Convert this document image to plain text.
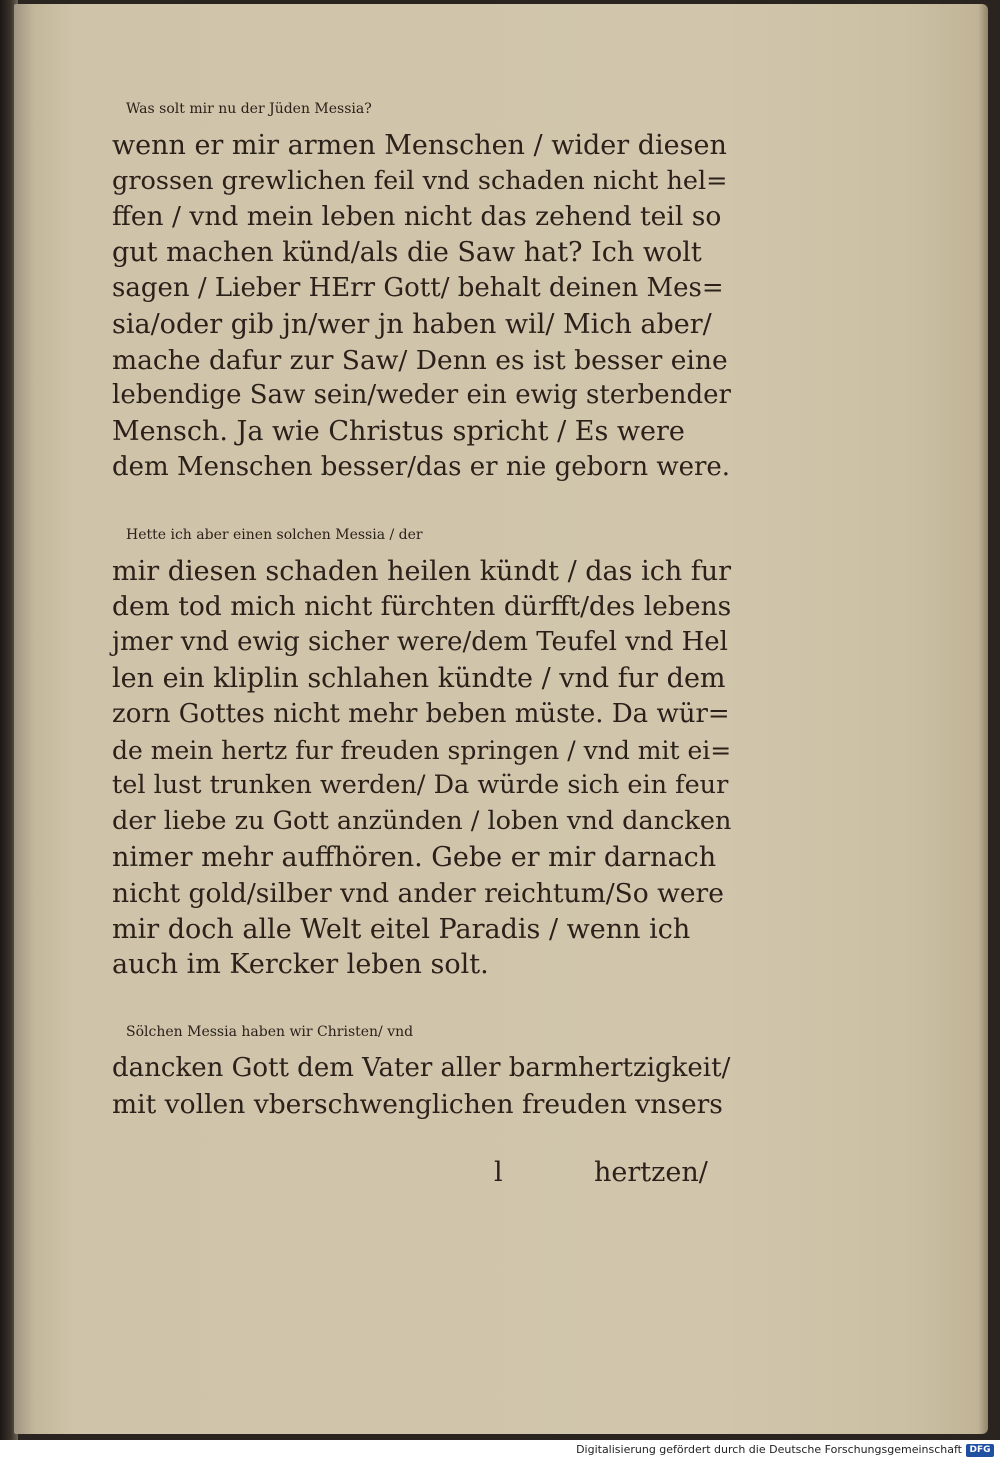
Was solt mir nu der Jüden Messia?
wenn er mir armen Menschen / wider diesen
grossen grewlichen feil vnd schaden nicht hel=
ffen / vnd mein leben nicht das zehend teil so
gut machen künd/als die Saw hat? Ich wolt
sagen / Lieber HErr Gott/ behalt deinen Mes=
sia/oder gib jn/wer jn haben wil/ Mich aber/
mache dafur zur Saw/ Denn es ist besser eine
lebendige Saw sein/weder ein ewig sterbender
Mensch. Ja wie Christus spricht / Es were
dem Menschen besser/das er nie geborn were.
Hette ich aber einen solchen Messia / der
mir diesen schaden heilen kündt / das ich fur
dem tod mich nicht fürchten dürfft/des lebens
jmer vnd ewig sicher were/dem Teufel vnd Hel
len ein kliplin schlahen kündte / vnd fur dem
zorn Gottes nicht mehr beben müste. Da wür=
de mein hertz fur freuden springen / vnd mit ei=
tel lust trunken werden/ Da würde sich ein feur
der liebe zu Gott anzünden / loben vnd dancken
nimer mehr auffhören. Gebe er mir darnach
nicht gold/silber vnd ander reichtum/So were
mir doch alle Welt eitel Paradis / wenn ich
auch im Kercker leben solt.
Sölchen Messia haben wir Christen/ vnd
dancken Gott dem Vater aller barmhertzigkeit/
mit vollen vberschwenglichen freuden vnsers
l	hertzen/
Digitalisierung gefördert durch die Deutsche Forschungsgemeinschaft DFG
